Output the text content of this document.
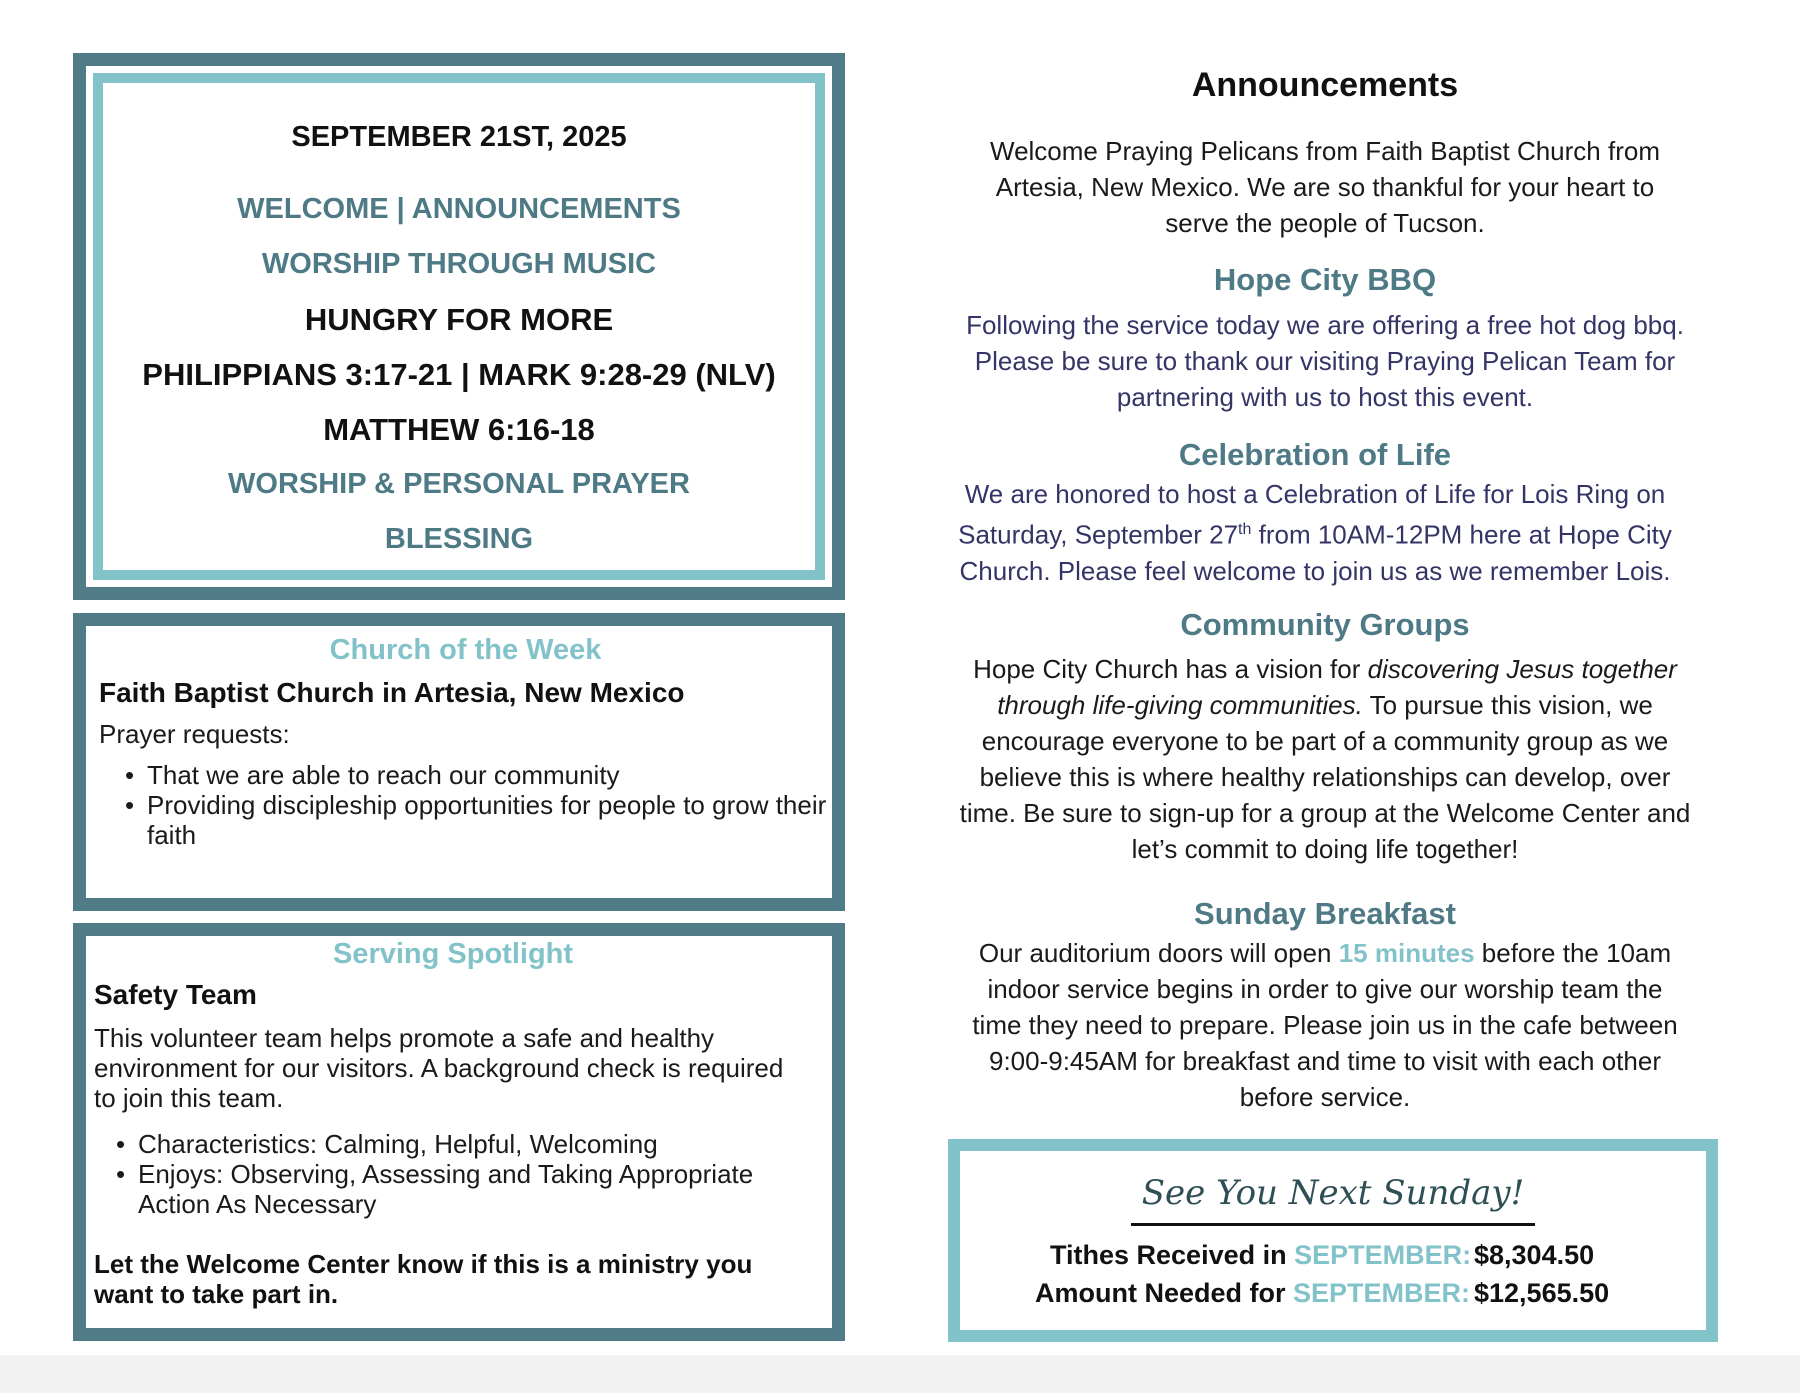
SEPTEMBER 21ST, 2025
WELCOME | ANNOUNCEMENTS
WORSHIP THROUGH MUSIC
HUNGRY FOR MORE
PHILIPPIANS 3:17-21 | MARK 9:28-29 (NLV)
MATTHEW 6:16-18
WORSHIP & PERSONAL PRAYER
BLESSING
Church of the Week
Faith Baptist Church in Artesia, New Mexico
Prayer requests:
• That we are able to reach our community
• Providing discipleship opportunities for people to grow their faith
Serving Spotlight
Safety Team
This volunteer team helps promote a safe and healthy environment for our visitors. A background check is required to join this team.
• Characteristics: Calming, Helpful, Welcoming
• Enjoys: Observing, Assessing and Taking Appropriate Action As Necessary
Let the Welcome Center know if this is a ministry you want to take part in.
Announcements
Welcome Praying Pelicans from Faith Baptist Church from Artesia, New Mexico. We are so thankful for your heart to serve the people of Tucson.
Hope City BBQ
Following the service today we are offering a free hot dog bbq. Please be sure to thank our visiting Praying Pelican Team for partnering with us to host this event.
Celebration of Life
We are honored to host a Celebration of Life for Lois Ring on Saturday, September 27th from 10AM-12PM here at Hope City Church. Please feel welcome to join us as we remember Lois.
Community Groups
Hope City Church has a vision for discovering Jesus together through life-giving communities. To pursue this vision, we encourage everyone to be part of a community group as we believe this is where healthy relationships can develop, over time. Be sure to sign-up for a group at the Welcome Center and let’s commit to doing life together!
Sunday Breakfast
Our auditorium doors will open 15 minutes before the 10am indoor service begins in order to give our worship team the time they need to prepare. Please join us in the cafe between 9:00-9:45AM for breakfast and time to visit with each other before service.
See You Next Sunday!
Tithes Received in SEPTEMBER: $8,304.50
Amount Needed for SEPTEMBER: $12,565.50
